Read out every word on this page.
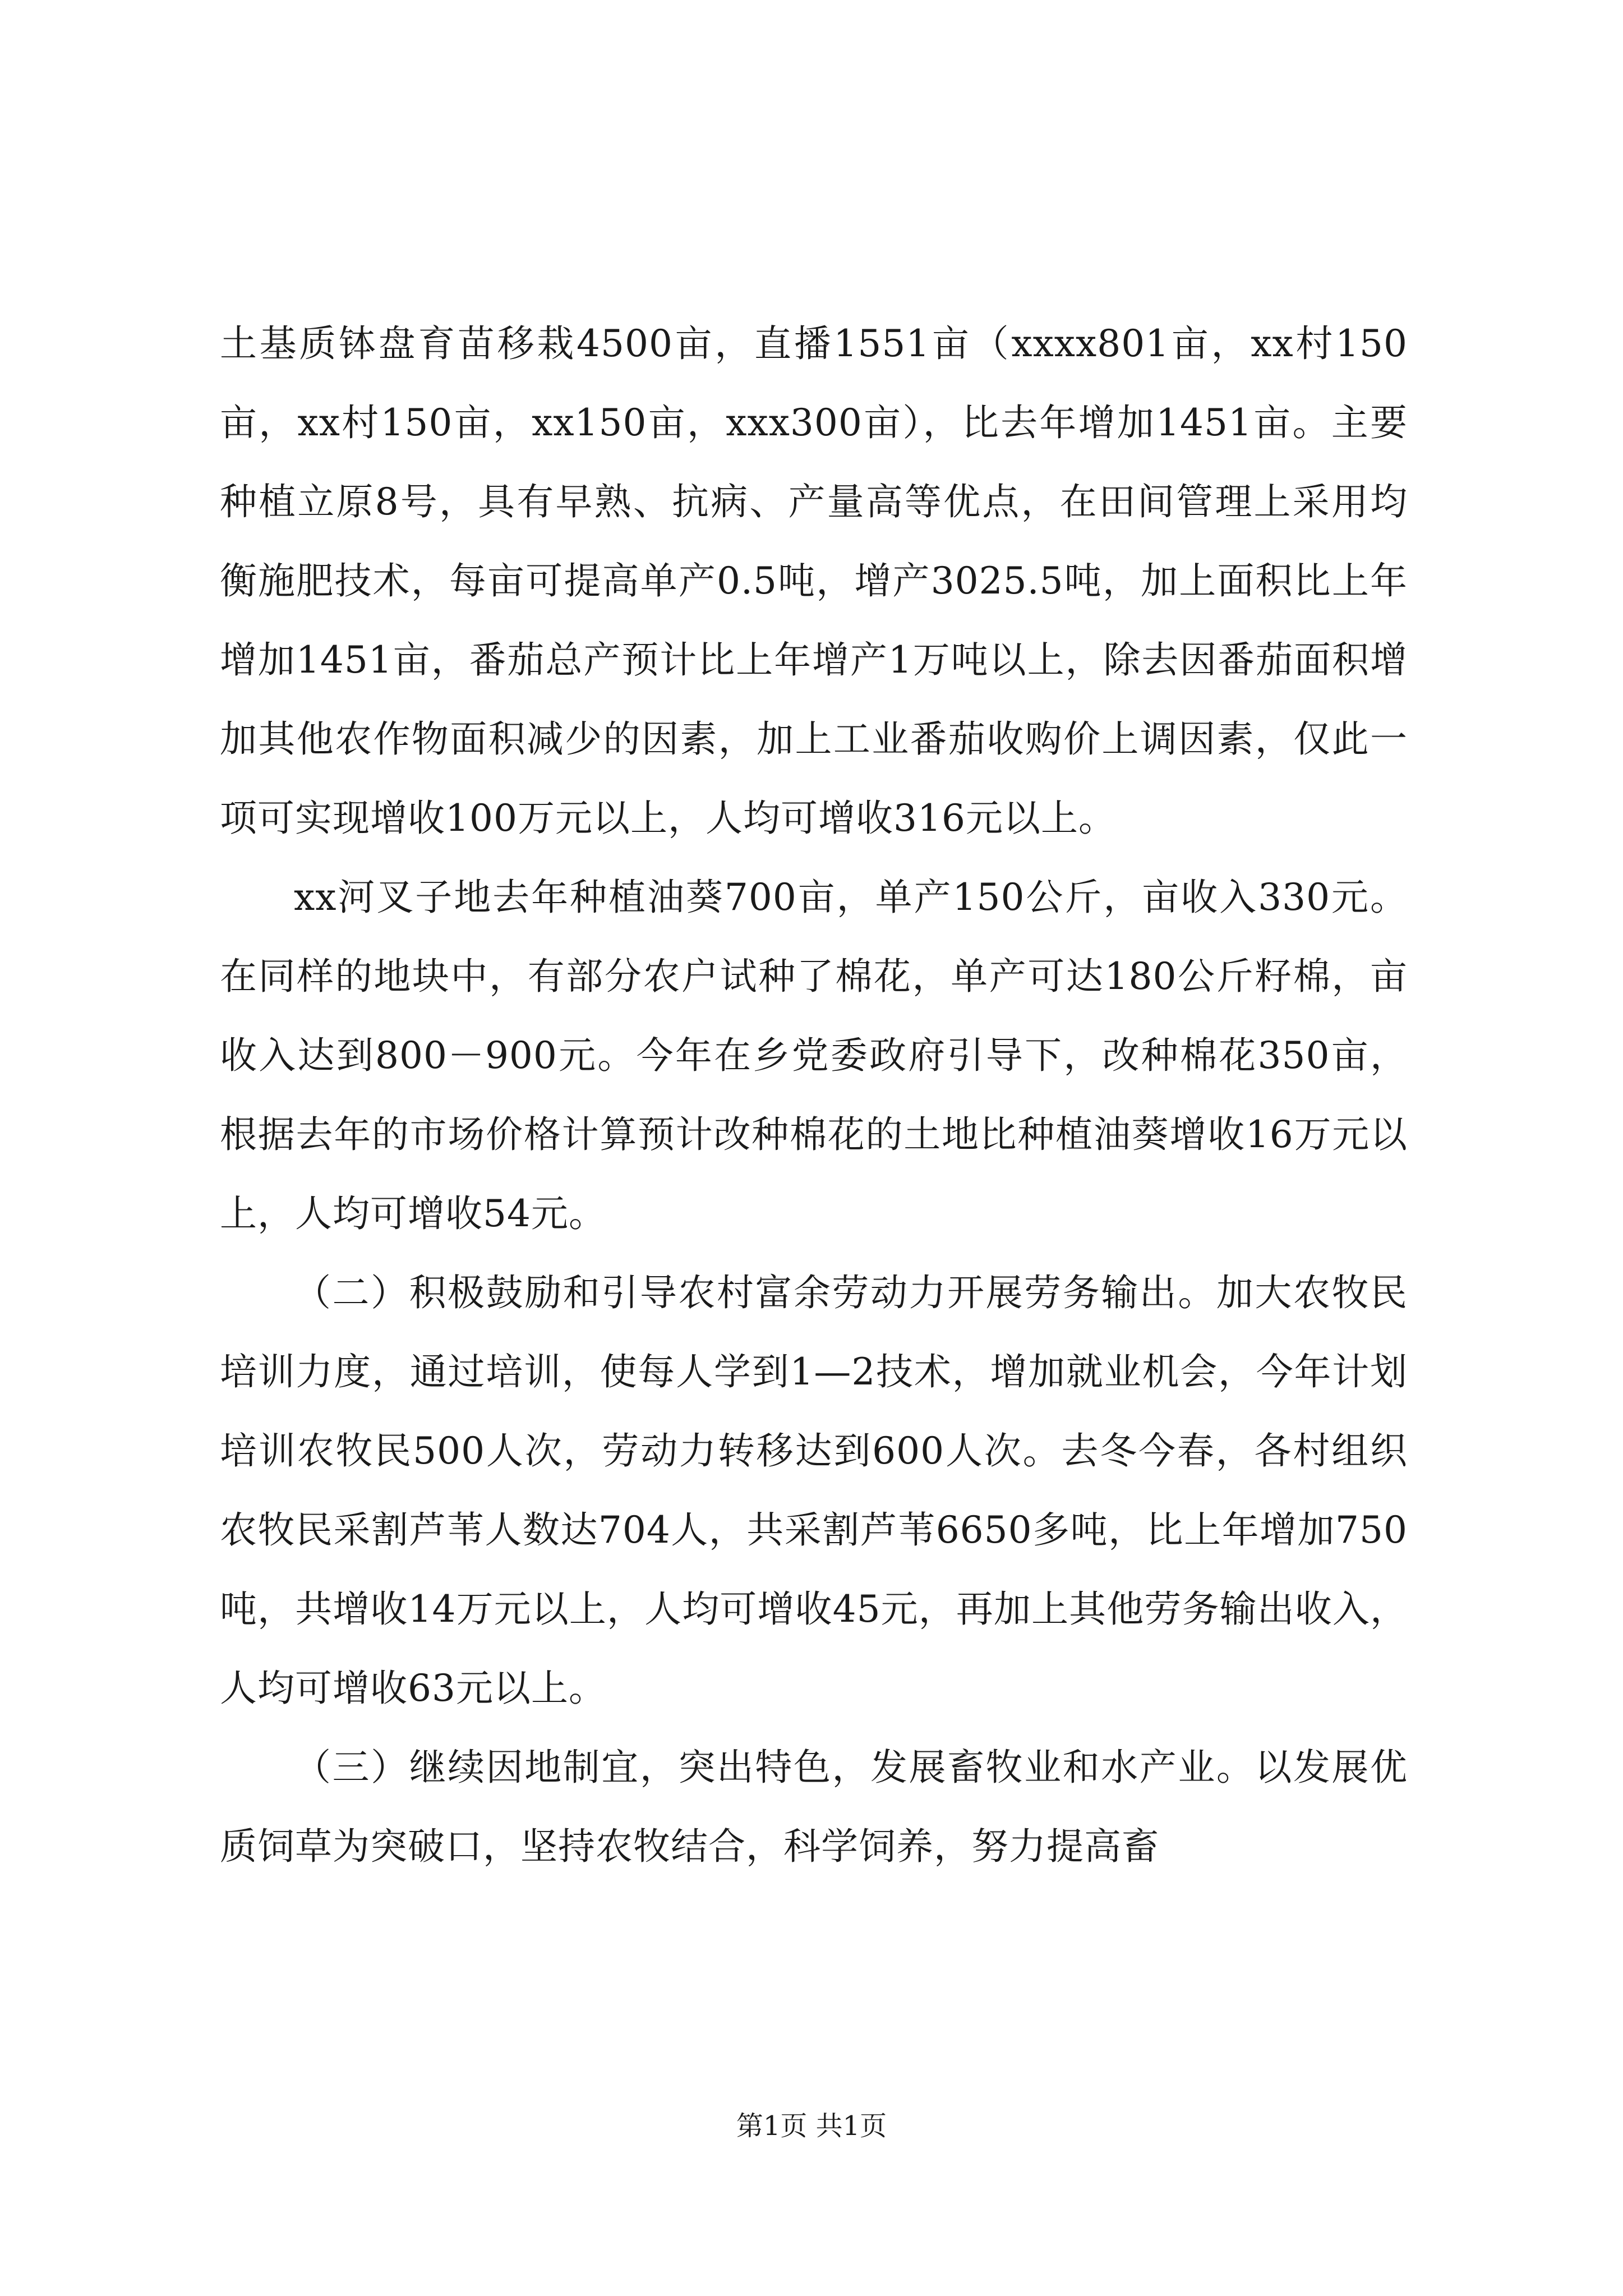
土基质钵盘育苗移栽4500亩，直播1551亩（xxxx801亩，xx村150亩，xx村150亩，xx150亩，xxx300亩），比去年增加1451亩。主要种植立原8号，具有早熟、抗病、产量高等优点，在田间管理上采用均衡施肥技术，每亩可提高单产0.5吨，增产3025.5吨，加上面积比上年增加1451亩，番茄总产预计比上年增产1万吨以上，除去因番茄面积增加其他农作物面积减少的因素，加上工业番茄收购价上调因素，仅此一项可实现增收100万元以上，人均可增收316元以上。

xx河叉子地去年种植油葵700亩，单产150公斤，亩收入330元。在同样的地块中，有部分农户试种了棉花，单产可达180公斤籽棉，亩收入达到800－900元。今年在乡党委政府引导下，改种棉花350亩，根据去年的市场价格计算预计改种棉花的土地比种植油葵增收16万元以上，人均可增收54元。

（二）积极鼓励和引导农村富余劳动力开展劳务输出。加大农牧民培训力度，通过培训，使每人学到1—2技术，增加就业机会，今年计划培训农牧民500人次，劳动力转移达到600人次。去冬今春，各村组织农牧民采割芦苇人数达704人，共采割芦苇6650多吨，比上年增加750吨，共增收14万元以上，人均可增收45元，再加上其他劳务输出收入，人均可增收63元以上。

（三）继续因地制宜，突出特色，发展畜牧业和水产业。以发展优质饲草为突破口，坚持农牧结合，科学饲养，努力提高畜

第1页 共1页
